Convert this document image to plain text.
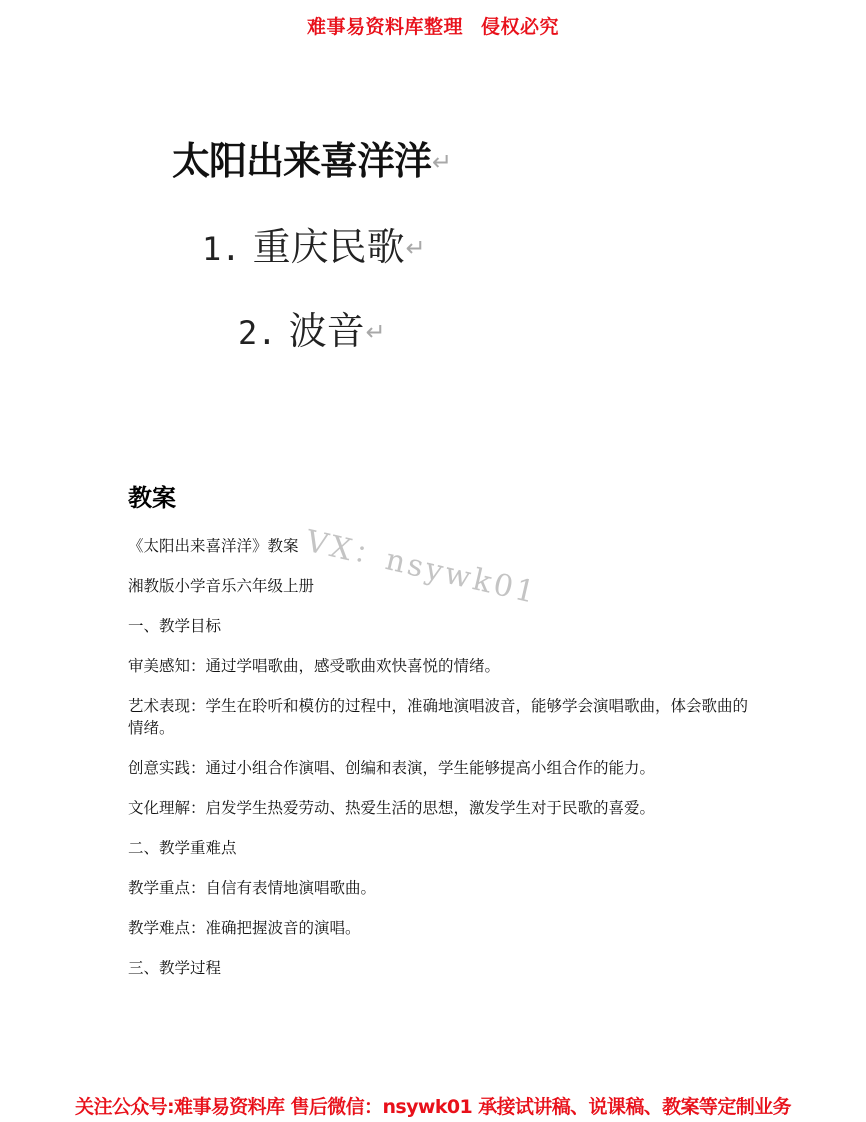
难事易资料库整理 侵权必究
太阳出来喜洋洋↵
1. 重庆民歌↵
2. 波音↵
教案

《太阳出来喜洋洋》教案

湘教版小学音乐六年级上册

一、教学目标

审美感知：通过学唱歌曲，感受歌曲欢快喜悦的情绪。

艺术表现：学生在聆听和模仿的过程中，准确地演唱波音，能够学会演唱歌曲，体会歌曲的情绪。

创意实践：通过小组合作演唱、创编和表演，学生能够提高小组合作的能力。

文化理解：启发学生热爱劳动、热爱生活的思想，激发学生对于民歌的喜爱。

二、教学重难点

教学重点：自信有表情地演唱歌曲。

教学难点：准确把握波音的演唱。

三、教学过程

VX：nsywk01
关注公众号:难事易资料库 售后微信：nsywk01 承接试讲稿、说课稿、教案等定制业务
